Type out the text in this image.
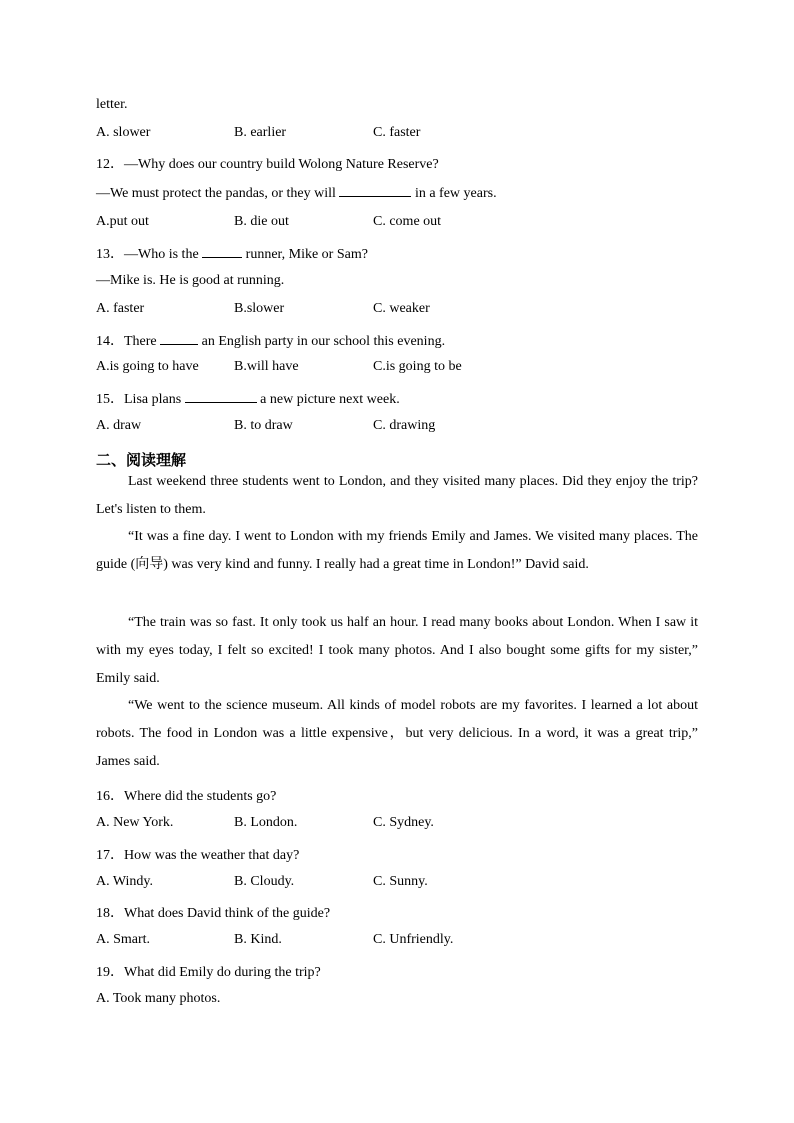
letter.
A. slower	B. earlier	C. faster
12．—Why does our country build Wolong Nature Reserve?
—We must protect the pandas, or they will	in a few years.
A.put out	B. die out	C. come out
13．—Who is the	runner, Mike or Sam?
—Mike is. He is good at running.
A. faster	B.slower	C. weaker
14．There	an English party in our school this evening.
A.is going to have	B.will have	C.is going to be
15．Lisa plans	a new picture next week.
A. draw	B. to draw	C. drawing
二、阅读理解
Last weekend three students went to London, and they visited many places. Did they enjoy the trip? Let's listen to them.
“It was a fine day. I went to London with my friends Emily and James. We visited many places. The guide (向导) was very kind and funny. I really had a great time in London!” David said.
“The train was so fast. It only took us half an hour. I read many books about London. When I saw it with my eyes today, I felt so excited! I took many photos. And I also bought some gifts for my sister,” Emily said.
“We went to the science museum. All kinds of model robots are my favorites. I learned a lot about robots. The food in London was a little expensive，but very delicious. In a word, it was a great trip,” James said.
16．Where did the students go?
A. New York.	B. London.	C. Sydney.
17．How was the weather that day?
A. Windy.	B. Cloudy.	C. Sunny.
18．What does David think of the guide?
A. Smart.	B. Kind.	C. Unfriendly.
19．What did Emily do during the trip?
A. Took many photos.
